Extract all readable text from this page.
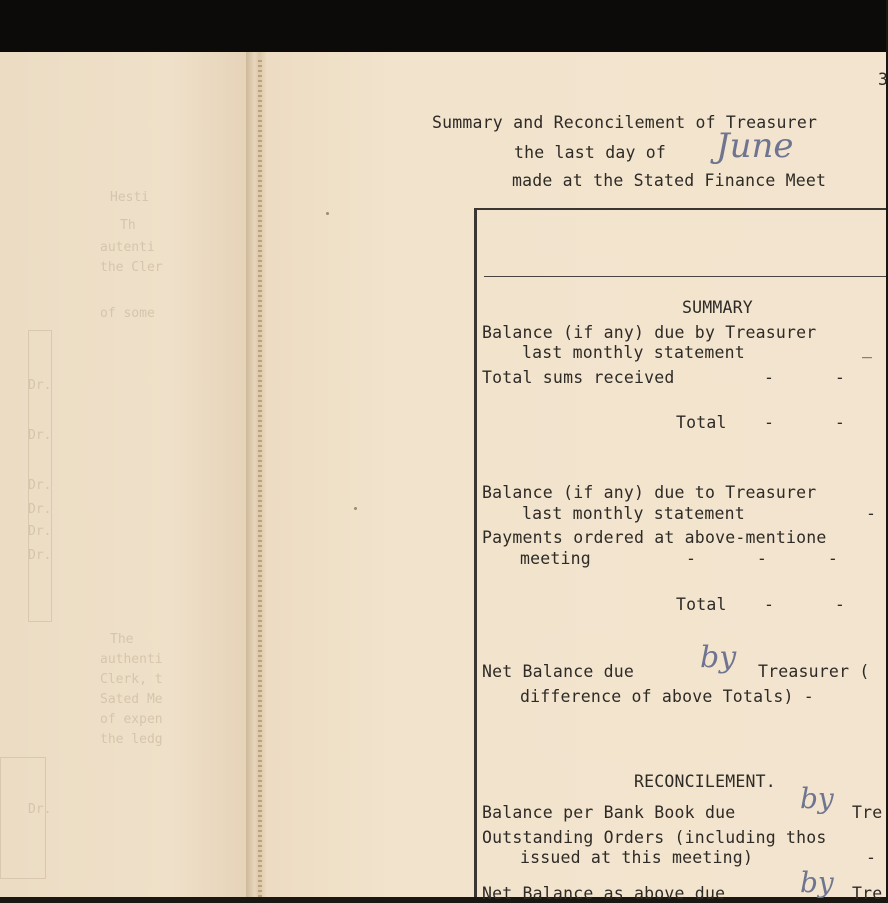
Hesti
Th
autenti
the Cler
of some
Dr.
Dr.
Dr.
Dr.
Dr.
Dr.
The
authenti
Clerk, t
Sated Me
of expen
the ledg
Dr.
3
Summary and Reconcilement of Treasurer
the last day of June
made at the Stated Finance Meet
SUMMARY
Balance (if any) due by Treasurer
last monthly statement	_
Total sums received	-      -
Total -      -
Balance (if any) due to Treasurer
last monthly statement	-
Payments ordered at above-mentione
meeting	-      -      -
Total -      -
Net Balance due by Treasurer (
difference of above Totals) -
RECONCILEMENT.
Balance per Bank Book due by Tre
Outstanding Orders (including thos
issued at this meeting)	-
Net Balance as above due	by Tre
